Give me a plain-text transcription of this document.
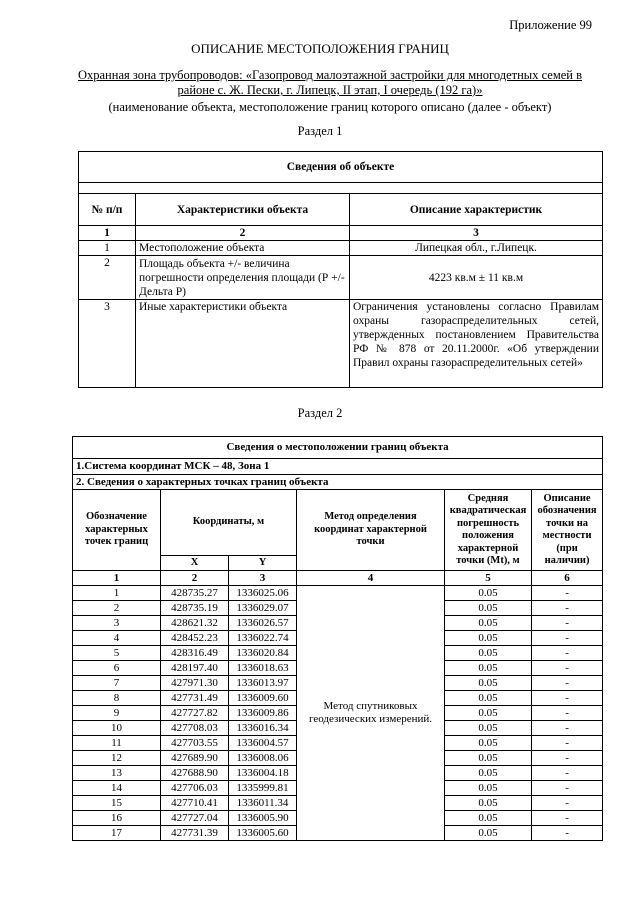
Приложение 99
ОПИСАНИЕ МЕСТОПОЛОЖЕНИЯ ГРАНИЦ
Охранная зона трубопроводов: «Газопровод малоэтажной застройки для многодетных семей в районе с. Ж. Пески, г. Липецк, II этап, I очередь (192 га)»
(наименование объекта, местоположение границ которого описано (далее - объект)
Раздел 1
Сведения об объекте		

№ п/п	Характеристики объекта	Описание характеристик
1	2	3
1	Местоположение объекта	Липецкая обл., г.Липецк.
2	Площадь объекта +/- величина погрешности определения площади (Р +/- Дельта Р)	4223 кв.м ± 11 кв.м
3	Иные характеристики объекта	Ограничения установлены согласно Правилам охраны газораспределительных сетей, утвержденных постановлением Правительства РФ № 878 от 20.11.2000г. «Об утверждении Правил охраны газораспределительных сетей»
Раздел 2
Сведения о местоположении границ объекта					
1.Система координат МСК – 48, Зона 1					
2. Сведения о характерных точках границ объекта					
Обозначение характерных точек границ	Координаты, м		Метод определения координат характерной точки	Средняя квадратическая погрешность положения характерной точки (Mt), м	Описание обозначения точки на местности (при наличии)
	X	Y			
1	2	3	4	5	6
1	428735.27	1336025.06	Метод спутниковых геодезических измерений.	0.05	-
2	428735.19	1336029.07		0.05	-
3	428621.32	1336026.57		0.05	-
4	428452.23	1336022.74		0.05	-
5	428316.49	1336020.84		0.05	-
6	428197.40	1336018.63		0.05	-
7	427971.30	1336013.97		0.05	-
8	427731.49	1336009.60		0.05	-
9	427727.82	1336009.86		0.05	-
10	427708.03	1336016.34		0.05	-
11	427703.55	1336004.57		0.05	-
12	427689.90	1336008.06		0.05	-
13	427688.90	1336004.18		0.05	-
14	427706.03	1335999.81		0.05	-
15	427710.41	1336011.34		0.05	-
16	427727.04	1336005.90		0.05	-
17	427731.39	1336005.60		0.05	-
